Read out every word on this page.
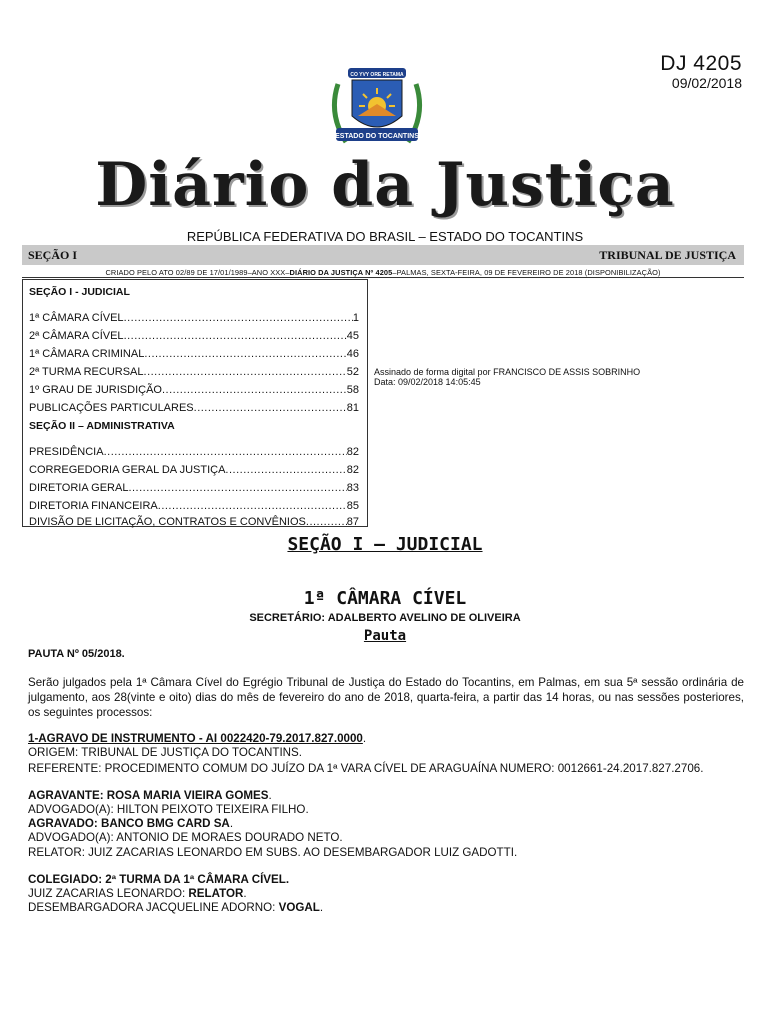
DJ 4205
09/02/2018
ESTADO DO TOCANTINS
CO YVY ORE RETAMA
Diário da Justiça
REPÚBLICA FEDERATIVA DO BRASIL – ESTADO DO TOCANTINS
SEÇÃO I	TRIBUNAL DE JUSTIÇA
CRIADO PELO ATO 02/89 DE 17/01/1989–ANO XXX–DIÁRIO DA JUSTIÇA Nº 4205–PALMAS, SEXTA-FEIRA, 09 DE FEVEREIRO DE 2018 (DISPONIBILIZAÇÃO)
SEÇÃO I - JUDICIAL
1ª CÂMARA CÍVEL .....	1
2ª CÂMARA CÍVEL .....	45
1ª CÂMARA CRIMINAL .....	46
2ª TURMA RECURSAL .....	52
1º GRAU DE JURISDIÇÃO .....	58
PUBLICAÇÕES PARTICULARES .....	81
SEÇÃO II – ADMINISTRATIVA
PRESIDÊNCIA .....	82
CORREGEDORIA GERAL DA JUSTIÇA .....	82
DIRETORIA GERAL .....	83
DIRETORIA FINANCEIRA .....	85
DIVISÃO DE LICITAÇÃO, CONTRATOS E CONVÊNIOS .....	87
Assinado de forma digital por FRANCISCO DE ASSIS SOBRINHO
Data: 09/02/2018 14:05:45
SEÇÃO I – JUDICIAL
1ª CÂMARA CÍVEL
SECRETÁRIO: ADALBERTO AVELINO DE OLIVEIRA
Pauta
PAUTA Nº 05/2018.
Serão julgados pela 1ª Câmara Cível do Egrégio Tribunal de Justiça do Estado do Tocantins, em Palmas, em sua 5ª sessão ordinária de julgamento, aos 28(vinte e oito) dias do mês de fevereiro do ano de 2018, quarta-feira, a partir das 14 horas, ou nas sessões posteriores, os seguintes processos:
1-AGRAVO DE INSTRUMENTO - AI 0022420-79.2017.827.0000.
ORIGEM: TRIBUNAL DE JUSTIÇA DO TOCANTINS.
REFERENTE: PROCEDIMENTO COMUM DO JUÍZO DA 1ª VARA CÍVEL DE ARAGUAÍNA NUMERO: 0012661-24.2017.827.2706.
AGRAVANTE: ROSA MARIA VIEIRA GOMES.
ADVOGADO(A): HILTON PEIXOTO TEIXEIRA FILHO.
AGRAVADO: BANCO BMG CARD SA.
ADVOGADO(A): ANTONIO DE MORAES DOURADO NETO.
RELATOR: JUIZ ZACARIAS LEONARDO EM SUBS. AO DESEMBARGADOR LUIZ GADOTTI.
COLEGIADO: 2ª TURMA DA 1ª CÂMARA CÍVEL.
JUIZ ZACARIAS LEONARDO: RELATOR.
DESEMBARGADORA JACQUELINE ADORNO: VOGAL.
